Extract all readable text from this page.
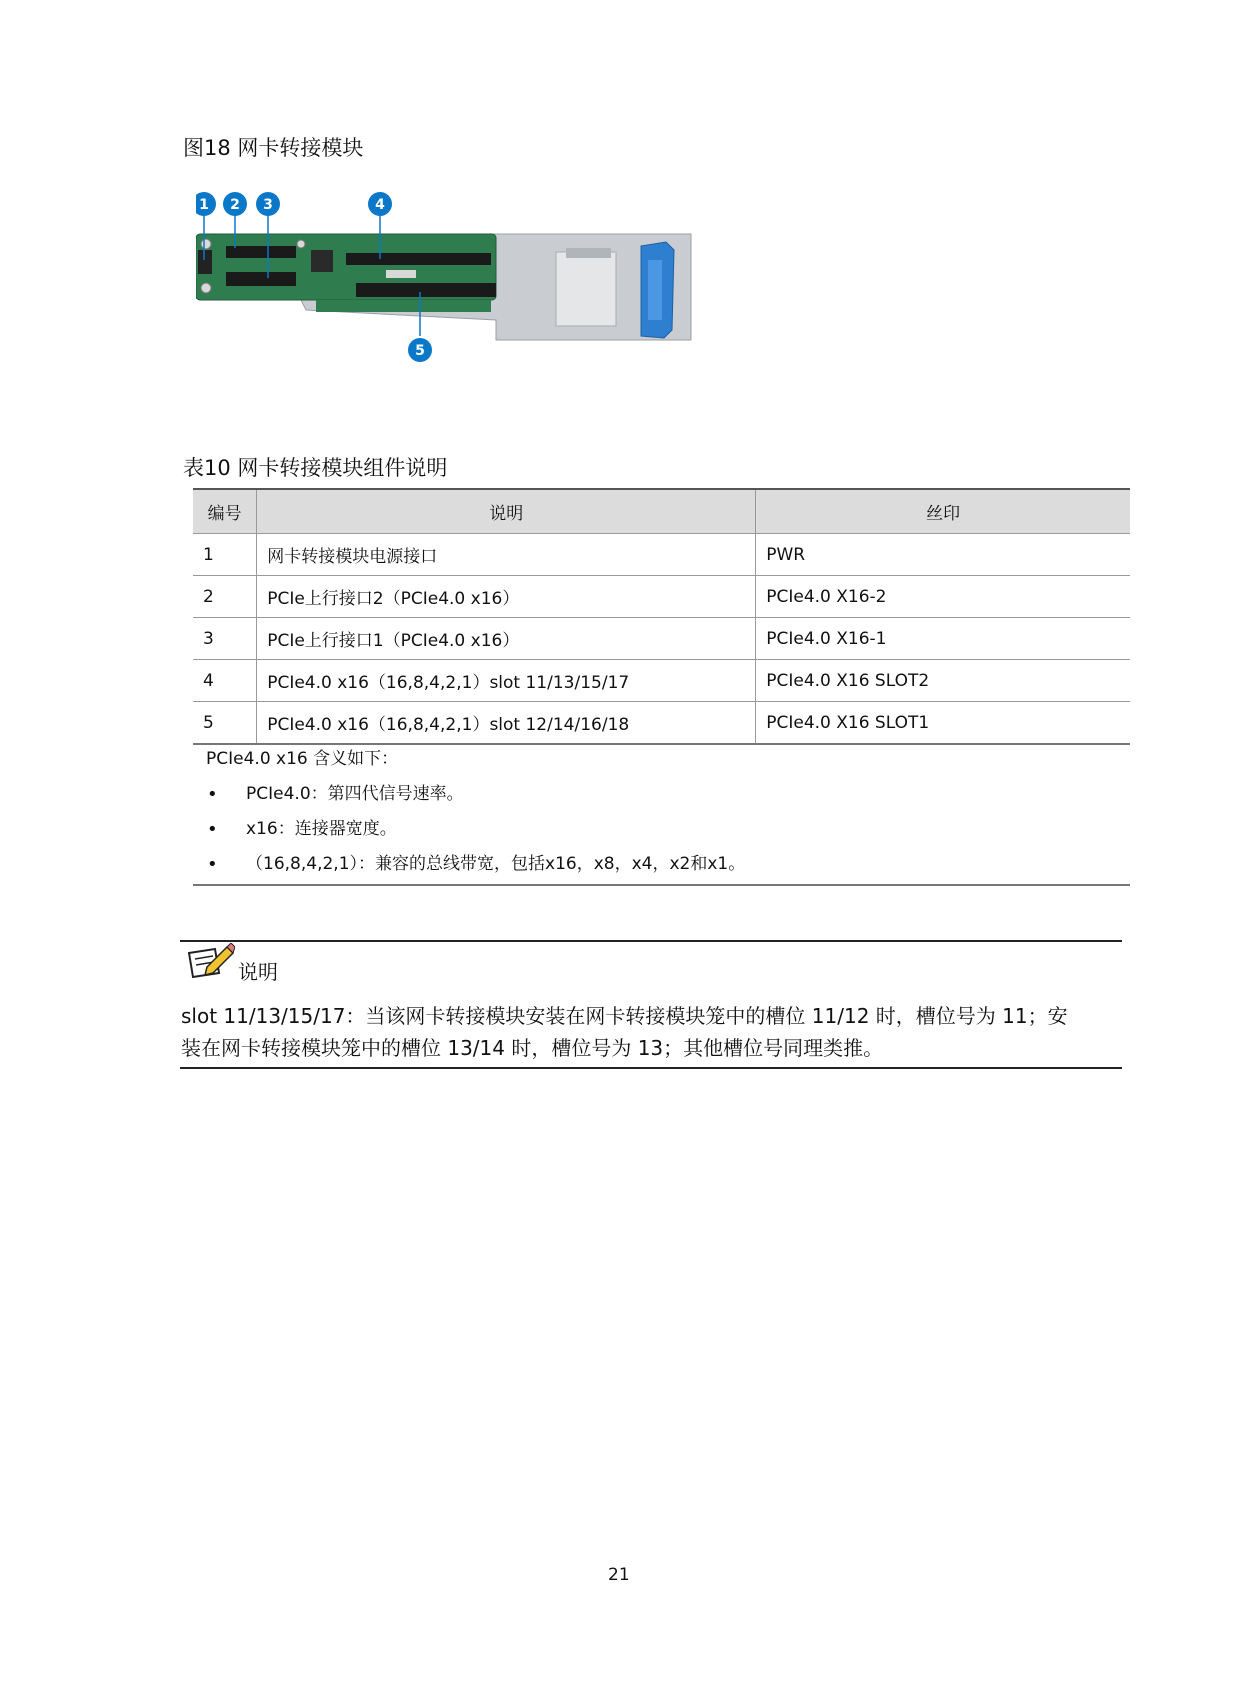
图18 网卡转接模块
1 2 3	4
5
表10 网卡转接模块组件说明
编号	说明	丝印
1	网卡转接模块电源接口	PWR
2	PCIe上行接口2（PCIe4.0 x16）	PCIe4.0 X16-2
3	PCIe上行接口1（PCIe4.0 x16）	PCIe4.0 X16-1
4	PCIe4.0 x16（16,8,4,2,1）slot 11/13/15/17	PCIe4.0 X16 SLOT2
5	PCIe4.0 x16（16,8,4,2,1）slot 12/14/16/18	PCIe4.0 X16 SLOT1
PCIe4.0 x16 含义如下：
• PCIe4.0：第四代信号速率。
• x16：连接器宽度。
• （16,8,4,2,1）：兼容的总线带宽，包括x16，x8，x4，x2和x1。
说明
slot 11/13/15/17：当该网卡转接模块安装在网卡转接模块笼中的槽位 11/12 时，槽位号为 11；安
装在网卡转接模块笼中的槽位 13/14 时，槽位号为 13；其他槽位号同理类推。
21
